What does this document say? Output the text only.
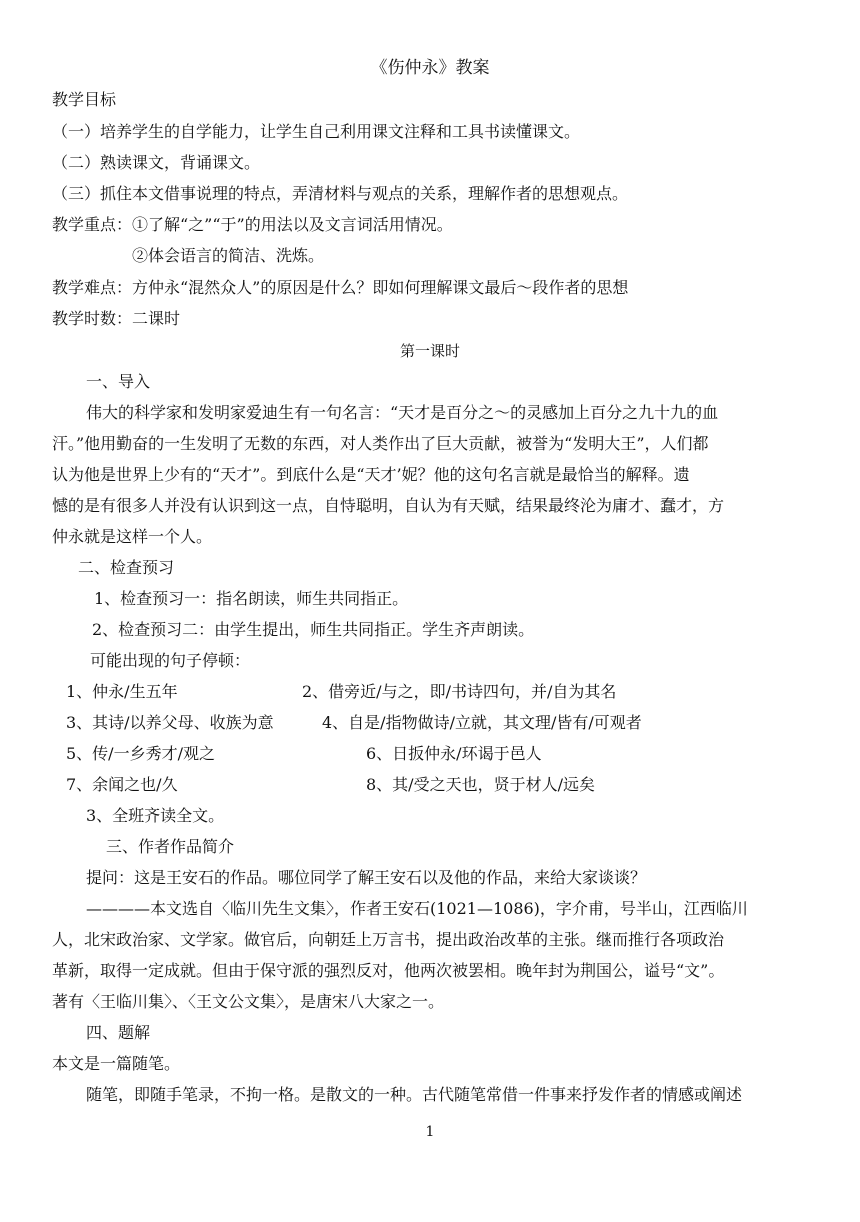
《伤仲永》教案
教学目标
（一）培养学生的自学能力，让学生自己利用课文注释和工具书读懂课文。
（二）熟读课文，背诵课文。
（三）抓住本文借事说理的特点，弄清材料与观点的关系，理解作者的思想观点。
教学重点：①了解“之”“于”的用法以及文言词活用情况。
②体会语言的简洁、洗炼。
教学难点：方仲永“混然众人”的原因是什么？即如何理解课文最后～段作者的思想
教学时数：二课时
第一课时
一、导入
伟大的科学家和发明家爱迪生有一句名言：“天才是百分之～的灵感加上百分之九十九的血
汗。”他用勤奋的一生发明了无数的东西，对人类作出了巨大贡献，被誉为“发明大王”，人们都
认为他是世界上少有的“天才”。到底什么是“天才’妮？他的这句名言就是最恰当的解释。遗
憾的是有很多人并没有认识到这一点，自恃聪明，自认为有天赋，结果最终沦为庸才、蠢才，方
仲永就是这样一个人。
二、检查预习
1、检查预习一：指名朗读，师生共同指正。
2、检查预习二：由学生提出，师生共同指正。学生齐声朗读。
可能出现的句子停顿：
1、仲永/生五年	2、借旁近/与之，即/书诗四句，并/自为其名
3、其诗/以养父母、收族为意	4、自是/指物做诗/立就，其文理/皆有/可观者
5、传/一乡秀才/观之	6、日扳仲永/环谒于邑人
7、余闻之也/久	8、其/受之天也，贤于材人/远矣
3、全班齐读全文。
三、作者作品简介
提问：这是王安石的作品。哪位同学了解王安石以及他的作品，来给大家谈谈？
————本文选自〈临川先生文集〉，作者王安石(1021—1086)，字介甫，号半山，江西临川
人，北宋政治家、文学家。做官后，向朝廷上万言书，提出政治改革的主张。继而推行各项政治
革新，取得一定成就。但由于保守派的强烈反对，他两次被罢相。晚年封为荆国公，谥号“文”。
著有〈王临川集〉、〈王文公文集〉，是唐宋八大家之一。
四、题解
本文是一篇随笔。
随笔，即随手笔录，不拘一格。是散文的一种。古代随笔常借一件事来抒发作者的情感或阐述
1
